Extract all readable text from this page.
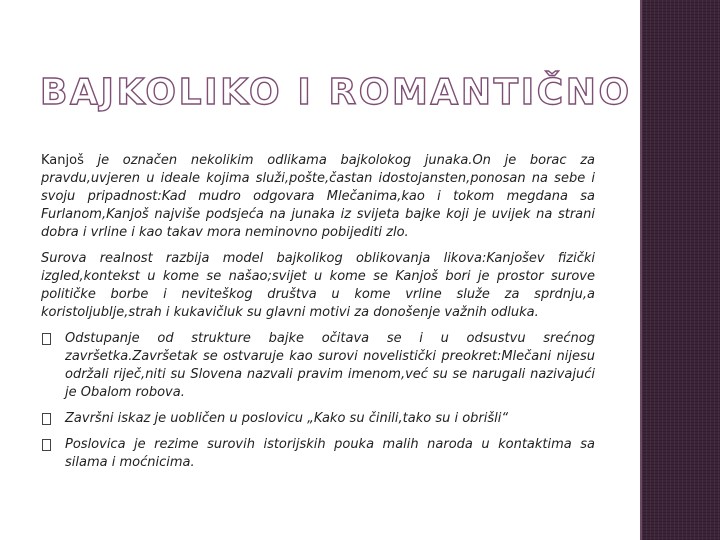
BAJKOLIKO I ROMANTIČNO

Kanjoš je označen nekolikim odlikama bajkolokog junaka.On je borac za pravdu,uvjeren u ideale kojima služi,pošte,častan idostojansten,ponosan na sebe i svoju pripadnost:Kad mudro odgovara Mlečanima,kao i tokom megdana sa Furlanom,Kanjoš najviše podsjeća na junaka iz svijeta bajke koji je uvijek na strani dobra i vrline i kao takav mora neminovno pobijediti zlo.

Surova realnost razbija model bajkolikog oblikovanja likova:Kanjošev fizički izgled,kontekst u kome se našao;svijet u kome se Kanjoš bori je prostor surove političke borbe i neviteškog društva u kome vrline služe za sprdnju,a koristoljublje,strah i kukavičluk su glavni motivi za donošenje važnih odluka.

Odstupanje od strukture bajke očitava se i u odsustvu srećnog završetka.Završetak se ostvaruje kao surovi novelistički preokret:Mlečani nijesu održali riječ,niti su Slovena nazvali pravim imenom,već su se narugali nazivajući je Obalom robova.
Završni iskaz je uobličen u poslovicu „Kako su činili,tako su i obrišli“
Poslovica je rezime surovih istorijskih pouka malih naroda u kontaktima sa silama i moćnicima.
